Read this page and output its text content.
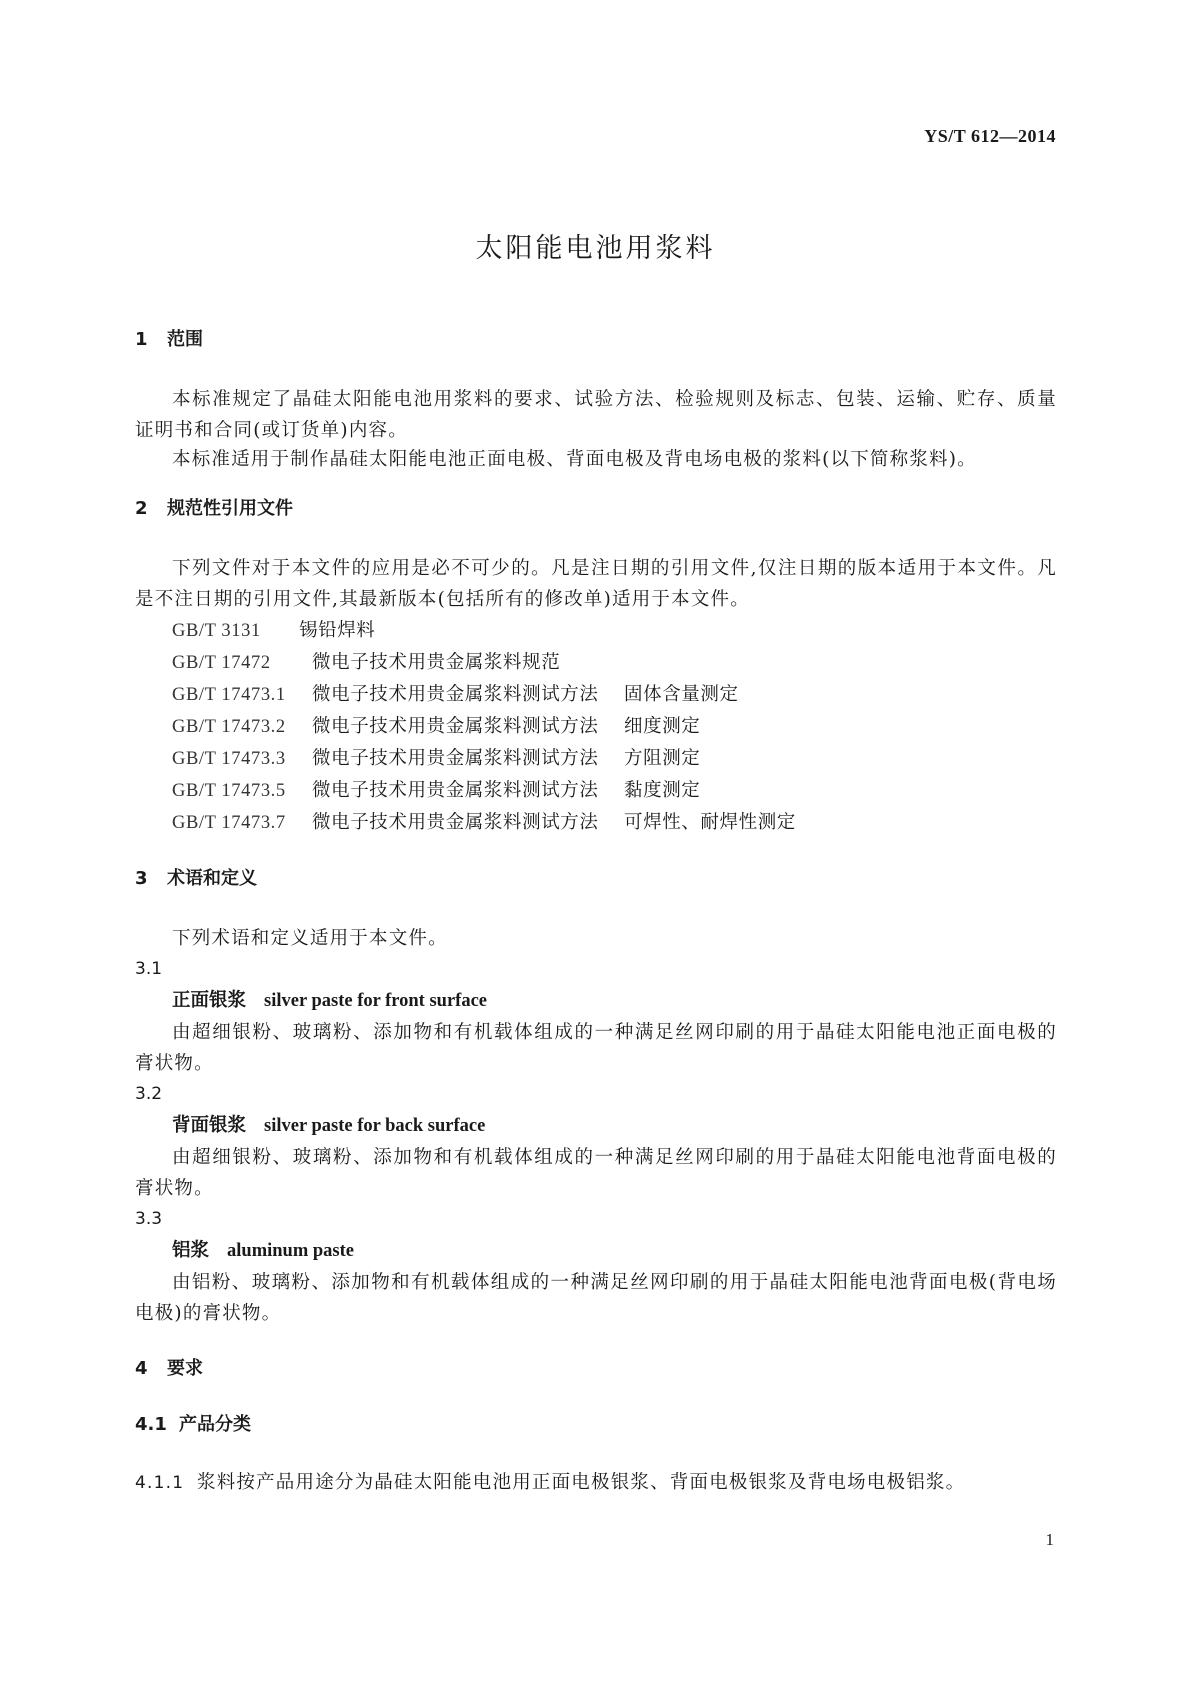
YS/T 612—2014
太阳能电池用浆料
1 范围

本标准规定了晶硅太阳能电池用浆料的要求、试验方法、检验规则及标志、包装、运输、贮存、质量证明书和合同(或订货单)内容。

本标准适用于制作晶硅太阳能电池正面电极、背面电极及背电场电极的浆料(以下简称浆料)。

2 规范性引用文件

下列文件对于本文件的应用是必不可少的。凡是注日期的引用文件,仅注日期的版本适用于本文件。凡是不注日期的引用文件,其最新版本(包括所有的修改单)适用于本文件。

GB/T 3131 锡铅焊料

GB/T 17472 微电子技术用贵金属浆料规范

GB/T 17473.1 微电子技术用贵金属浆料测试方法 固体含量测定

GB/T 17473.2 微电子技术用贵金属浆料测试方法 细度测定

GB/T 17473.3 微电子技术用贵金属浆料测试方法 方阻测定

GB/T 17473.5 微电子技术用贵金属浆料测试方法 黏度测定

GB/T 17473.7 微电子技术用贵金属浆料测试方法 可焊性、耐焊性测定

3 术语和定义

下列术语和定义适用于本文件。

3.1

正面银浆 silver paste for front surface

由超细银粉、玻璃粉、添加物和有机载体组成的一种满足丝网印刷的用于晶硅太阳能电池正面电极的膏状物。

3.2

背面银浆 silver paste for back surface

由超细银粉、玻璃粉、添加物和有机载体组成的一种满足丝网印刷的用于晶硅太阳能电池背面电极的膏状物。

3.3

铝浆 aluminum paste

由铝粉、玻璃粉、添加物和有机载体组成的一种满足丝网印刷的用于晶硅太阳能电池背面电极(背电场电极)的膏状物。

4 要求
4.1 产品分类

4.1.1 浆料按产品用途分为晶硅太阳能电池用正面电极银浆、背面电极银浆及背电场电极铝浆。

1
